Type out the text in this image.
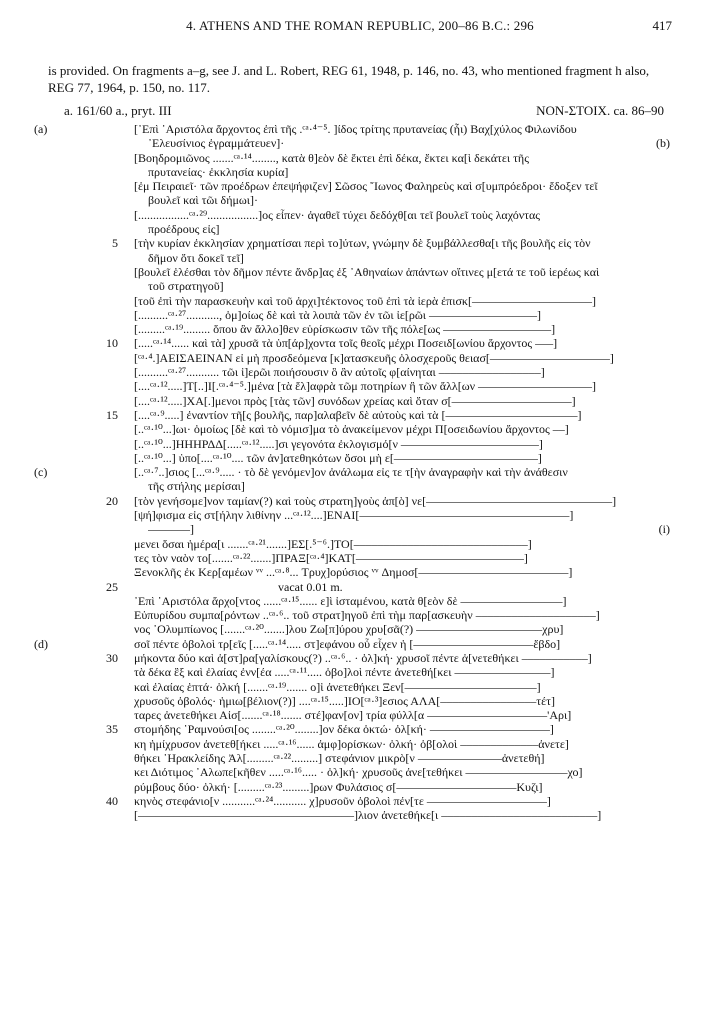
4. ATHENS AND THE ROMAN REPUBLIC, 200–86 B.C.: 296	417
is provided. On fragments a–g, see J. and L. Robert, REG 61, 1948, p. 146, no. 43, who mentioned fragment h also, REG 77, 1964, p. 150, no. 117.
a. 161/60 a., pryt. III	NON-ΣΤΟΙΧ. ca. 86–90
(a)	[᾿Επὶ ᾿Αριστόλα ἄρχοντος ἐπὶ τῆς .ᶜᵃ·⁴⁻⁵. ]ίδος τρίτης πρυτανείας (ἧι) Βαχ[χύλος Φιλωνίδου
᾿Ελευσίνιος ἐγραμμάτευεν]·	(b)
[Βοηδρομιῶνος .......ᶜᵃ·¹⁴........, κατὰ θ]εὸν δὲ ἕκτει ἐπὶ δέκα, ἕκτει κα[ὶ δεκάτει τῆς
πρυτανείας· ἐκκλησία κυρία]
[ἐμ Πειραιεῖ· τῶν προέδρων ἐπεψήφιζεν] Σῶσος ῎Ιωνος Φαληρεὺς καὶ σ[υμπρόεδροι· ἔδοξεν τεῖ
βουλεῖ καὶ τῶι δήμωι]·
[.................ᶜᵃ·²⁹.................]ος εἶπεν· ἀγαθεῖ τύχει δεδόχθ[αι τεῖ βουλεῖ τοὺς λαχόντας
προέδρους εἰς]
5 [τὴν κυρίαν ἐκκλησίαν χρηματίσαι περὶ το]ύτων, γνώμην δὲ ξυμβάλλεσθα[ι τῆς βουλῆς εἰς τὸν
δῆμον ὅτι δοκεῖ τεῖ]
[βουλεῖ ἑλέσθαι τὸν δῆμον πέντε ἄνδρ]ας ἐξ ᾿Αθηναίων ἁπάντων οἵτινες μ[ετά τε τοῦ ἱερέως καὶ
τοῦ στρατηγοῦ]
[τοῦ ἐπὶ τὴν παρασκευὴν καὶ τοῦ ἀρχι]τέκτονος τοῦ ἐπὶ τὰ ἱερὰ ἐπισκ[––––––––––––––––––––]
[..........ᶜᵃ·²⁷..........., ὁμ]οίως δὲ καὶ τὰ λοιπὰ τῶν ἐν τῶι ἱε[ρῶι ––––––––––––––––––]
[.........ᶜᵃ·¹⁹......... ὅπου ἂν ἄλλο]θεν εὑρίσκωσιν τῶν τῆς πόλε[ως ––––––––––––––––––]
10 [.....ᶜᵃ·¹⁴...... καὶ τὰ] χρυσᾶ τὰ ὑπ[άρ]χοντα τοῖς θεοῖς μέχρι Ποσειδ[ωνίου ἄρχοντος –––]
[ᶜᵃ·⁴.]ΑΕΙΣΑΕΙΝΑΝ εἰ μὴ προσδεόμενα [κ]ατασκευῆς ὁλοσχεροῦς θειασ[––––––––––––––––––––]
[..........ᶜᵃ·²⁷........... τῶι ἱ]ερῶι ποιήσουσιν ὃ ἂν αὐτοῖς φ[αίνηται –––––––––––––––––]
[....ᶜᵃ·¹².....]Τ[..]Ι[.ᶜᵃ·⁴⁻⁵.]μένα [τὰ ἔλ]αφρὰ τῶμ ποτηρίων ἢ τῶν ἄλλ[ων –––––––––––––––––––]
[....ᶜᵃ·¹².....]ΧΑ[.]μενοι πρὸς [τὰς τῶν] συνόδων χρείας καὶ ὅταν σ[––––––––––––––––––––]
15 [....ᶜᵃ·⁹.....] ἐναντίον τῆ[ς βουλῆς, παρ]αλαβεῖν δὲ αὐτοὺς καὶ τὰ [––––––––––––––––––––––]
[..ᶜᵃ·¹⁰...]ωι· ὁμοίως [δὲ καὶ τὸ νόμισ]μα τὸ ἀνακείμενον μέχρι Π[οσειδωνίου ἄρχοντος ––]
[..ᶜᵃ·¹⁰...]ΗΗΗΡΔΔ[.....ᶜᵃ·¹².....]σι γεγονότα ἐκλογισμό[ν –––––––––––––––––––––––]
[..ᶜᵃ·¹⁰...] ὑπο[....ᶜᵃ·¹⁰.... τῶν ἀν]ατεθηκότων ὅσοι μὴ ε[––––––––––––––––––––––––]
(c)	[..ᶜᵃ·⁷..]σιος [...ᶜᵃ·⁹..... · τὸ δὲ γενόμεν]ον ἀνάλωμα εἰς τε τ[ὴν ἀναγραφὴν καὶ τὴν ἀνάθεσιν
τῆς στήλης μερίσαι]
20 [τὸν γενήσομε]νον ταμίαν(?) καὶ τοὺς στρατη]γοὺς ἀπ[ὸ] νε[–––––––––––––––––––––––––––––––]
[ψή]φισμα εἰς στ[ήλην λιθίνην ...ᶜᵃ·¹²....]ΕΝΑΙ[–––––––––––––––––––––––––––––––––––]
–––––––]	(i)
μενει ὅσαι ἡμέρα[ι .......ᶜᵃ·²¹.......]ΕΣ[.⁵⁻⁶.]ΤΟ[–––––––––––––––––––––––––––––]
τες τὸν ναὸν το[.......ᶜᵃ·²².......]ΠΡΑΞ[ᶜᵃ·⁴]ΚΑΤ[––––––––––––––––––––––––––––]
Ξενοκλῆς ἐκ Κερ[αμέων ᵛᵛ ...ᶜᵃ·⁸... Τρυχ]ορύσιος ᵛᵛ Δημοσ[–––––––––––––––––––––––––]
25	vacat 0.01 m.
᾿Επὶ ᾿Αριστόλα ἄρχο[ντος ......ᶜᵃ·¹⁵...... ε]ὶ ἱσταμένου, κατὰ θ[εὸν δὲ –––––––––––––––––]
Εὐπυρίδου συμπα[ρόντων ..ᶜᵃ·⁶.. τοῦ στρατ]ηγοῦ ἐπὶ τὴμ παρ[ασκευὴν ––––––––––––––––––––]
νος ᾿Ολυμπίωνος [.......ᶜᵃ·²⁰.......]λου Ζω[π]ύρου χρυ[σᾶ(?) –––––––––––––––––––––χρυ]
(d)	σοῖ πέντε ὀβολοὶ τρ[εῖς [.....ᶜᵃ·¹⁴..... στ]εφάνου οὗ εἶχεν ἡ [––––––––––––––––––––ἔβδο]
30 μήκοντα δύο καὶ ἀ[στ]ρα[γαλίσκους(?) ..ᶜᵃ·⁶.. · ὁλ]κή· χρυσοῖ πέντε ἀ[νετεθήκει –––––––––––]
τὰ δέκα ἓξ καὶ ἐλαίας ἐνν[έα .....ᶜᵃ·¹¹..... ὀβο]λοὶ πέντε ἀνετεθή[κει ––––––––––––––––]
καὶ ἐλαίας ἑπτά· ὁλκή [.......ᶜᵃ·¹⁹....... ο]ἱ ἀνετεθήκει Ξεν[––––––––––––––––––––––]
χρυσοῦς ὀβολός· ἡμιω[βέλιον(?)] ....ᶜᵃ·¹⁵.....]ΙΟ[ᶜᵃ·³]εσιος ΑΛΑ[––––––––––––––––τέτ]
ταρες ἀνετεθήκει Αἰσ[.......ᶜᵃ·¹⁸....... στέ]φαν[ον] τρία φύλλ[α ––––––––––––––––––––'Αρι]
35 στομήδης ῾Ραμνούσι[ος ........ᶜᵃ·²⁰........]ον δέκα ὀκτώ· ὀλ[κή· ––––––––––––––––––––]
κη ἡμίχρυσον ἀνετεθ[ήκει .....ᶜᵃ·¹⁶...... ἀμφ]ορίσκων· ὁλκή· ὀβ[ολοὶ –––––––––––––ἀνετε]
θήκει ῾Ηρακλείδης Ἀλ[.........ᶜᵃ·²².........] στεφάνιον μικρὸ[ν ––––––––––––––ἀνετεθή]
κει Διότιμος ᾿Αλωπε[κῆθεν .....ᶜᵃ·¹⁶..... · ὁλ]κή· χρυσοῦς ἀνε[τεθήκει –––––––––––––––––χο]
ρύμβους δύο· ὁλκή· [.........ᶜᵃ·²³.........]ρων Φυλάσιος σ[––––––––––––––––––––Κυζι]
40 κηνὸς στεφάνιο[ν ...........ᶜᵃ·²⁴........... χ]ρυσοῦν ὀβολοὶ πέν[τε ––––––––––––––––––––]
[––––––––––––––––––––––––––––––––––––]λιον ἀνετεθήκε[ι ––––––––––––––––––––––––––]
